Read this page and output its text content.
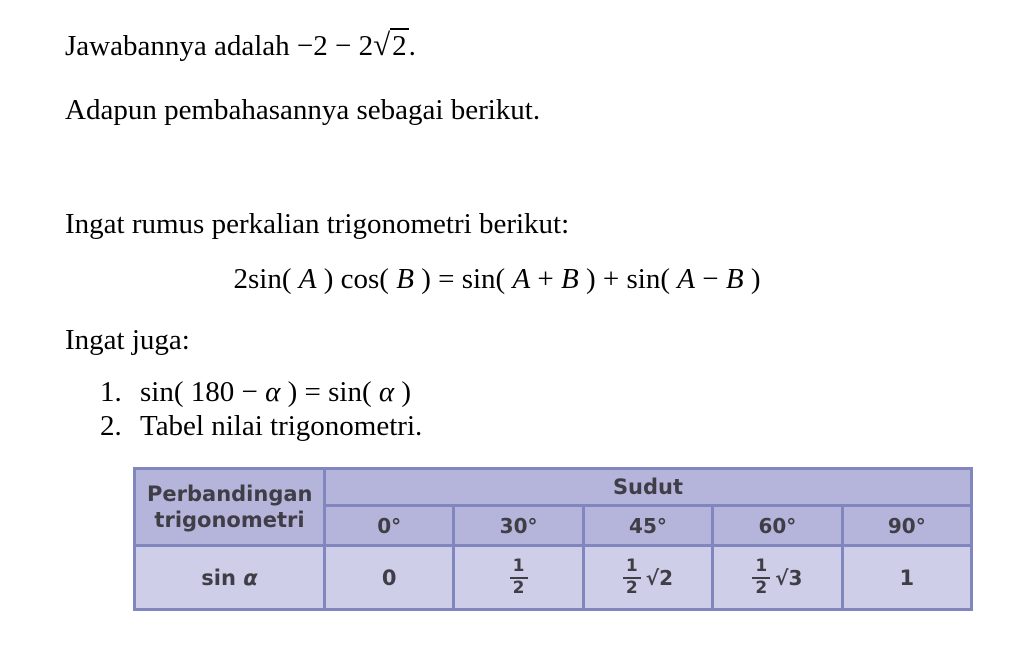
Jawabannya adalah −2 − 2√2.

Adapun pembahasannya sebagai berikut.

Ingat rumus perkalian trigonometri berikut:

2sin( A ) cos( B ) = sin( A + B ) + sin( A − B )

Ingat juga:

1.

sin( 180 − α ) = sin( α )

2.

Tabel nilai trigonometri.

Perbandingan trigonometri	Sudut				
	0°	30°	45°	60°	90°
sin α	0	$\frac{1}{2}$	$\frac{1}{2} √2$	$\frac{1}{2} √3$	1
